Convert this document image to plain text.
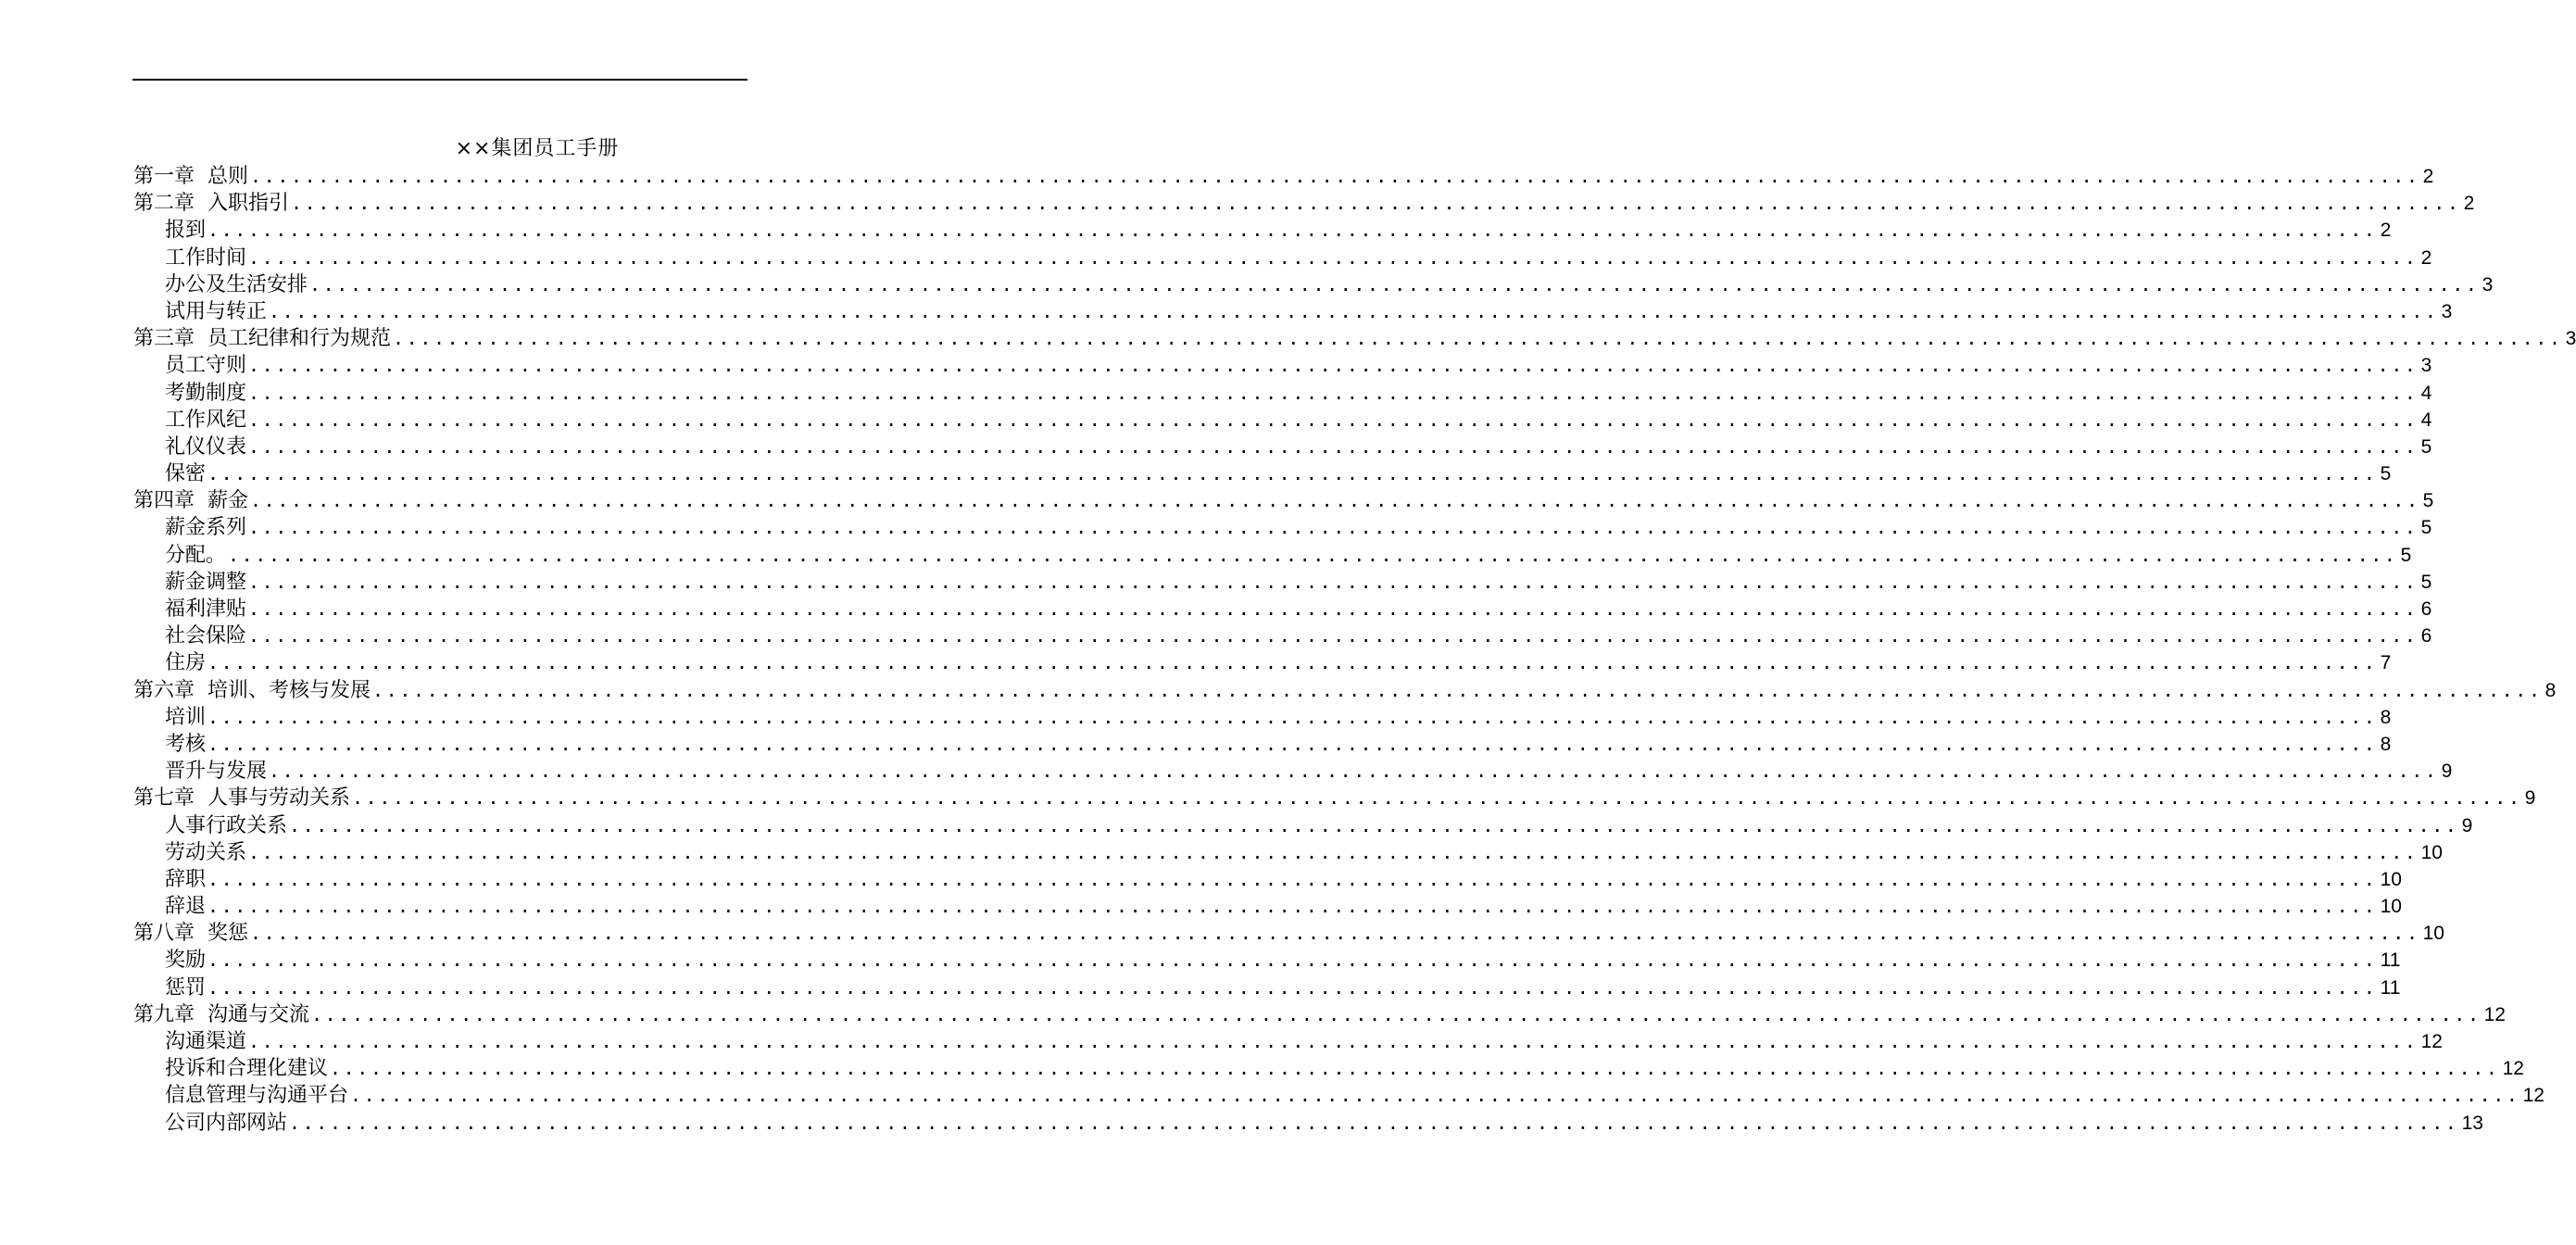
××集团员工手册
第一章 总则 ................................................................................................................................................................ 2
第二章 入职指引 ................................................................................................................................................................ 2
报到 ................................................................................................................................................................ 2
工作时间 ................................................................................................................................................................ 2
办公及生活安排 ................................................................................................................................................................ 3
试用与转正 ................................................................................................................................................................ 3
第三章 员工纪律和行为规范 ................................................................................................................................................................ 3
员工守则 ................................................................................................................................................................ 3
考勤制度 ................................................................................................................................................................ 4
工作风纪 ................................................................................................................................................................ 4
礼仪仪表 ................................................................................................................................................................ 5
保密 ................................................................................................................................................................ 5
第四章 薪金 ................................................................................................................................................................ 5
薪金系列 ................................................................................................................................................................ 5
分配。 ................................................................................................................................................................ 5
薪金调整 ................................................................................................................................................................ 5
福利津贴 ................................................................................................................................................................ 6
社会保险 ................................................................................................................................................................ 6
住房 ................................................................................................................................................................ 7
第六章 培训、考核与发展 ................................................................................................................................................................ 8
培训 ................................................................................................................................................................ 8
考核 ................................................................................................................................................................ 8
晋升与发展 ................................................................................................................................................................ 9
第七章 人事与劳动关系 ................................................................................................................................................................ 9
人事行政关系 ................................................................................................................................................................ 9
劳动关系 ................................................................................................................................................................ 10
辞职 ................................................................................................................................................................ 10
辞退 ................................................................................................................................................................ 10
第八章 奖惩 ................................................................................................................................................................ 10
奖励 ................................................................................................................................................................ 11
惩罚 ................................................................................................................................................................ 11
第九章 沟通与交流 ................................................................................................................................................................ 12
沟通渠道 ................................................................................................................................................................ 12
投诉和合理化建议 ................................................................................................................................................................ 12
信息管理与沟通平台 ................................................................................................................................................................ 12
公司内部网站 ................................................................................................................................................................ 13
